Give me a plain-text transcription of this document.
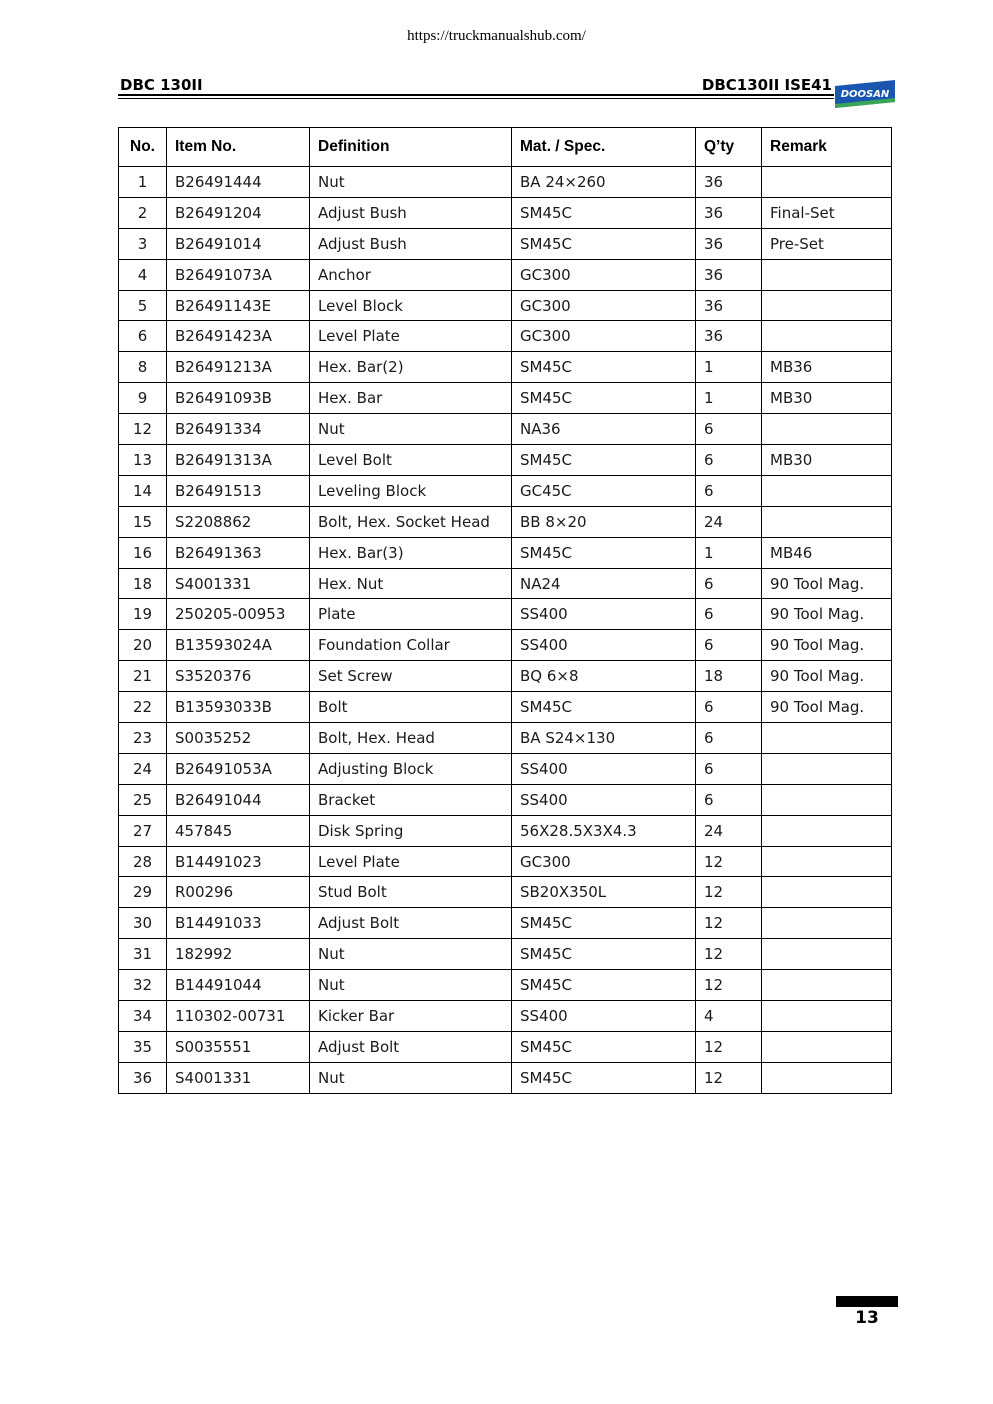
https://truckmanualshub.com/
DBC 130II	DBC130II ISE41
DOOSAN
No.	Item No.	Definition	Mat. / Spec.	Q’ty	Remark
1	B26491444	Nut	BA 24×260	36	
2	B26491204	Adjust Bush	SM45C	36	Final-Set
3	B26491014	Adjust Bush	SM45C	36	Pre-Set
4	B26491073A	Anchor	GC300	36	
5	B26491143E	Level Block	GC300	36	
6	B26491423A	Level Plate	GC300	36	
8	B26491213A	Hex. Bar(2)	SM45C	1	MB36
9	B26491093B	Hex. Bar	SM45C	1	MB30
12	B26491334	Nut	NA36	6	
13	B26491313A	Level Bolt	SM45C	6	MB30
14	B26491513	Leveling Block	GC45C	6	
15	S2208862	Bolt, Hex. Socket Head	BB 8×20	24	
16	B26491363	Hex. Bar(3)	SM45C	1	MB46
18	S4001331	Hex. Nut	NA24	6	90 Tool Mag.
19	250205-00953	Plate	SS400	6	90 Tool Mag.
20	B13593024A	Foundation Collar	SS400	6	90 Tool Mag.
21	S3520376	Set Screw	BQ 6×8	18	90 Tool Mag.
22	B13593033B	Bolt	SM45C	6	90 Tool Mag.
23	S0035252	Bolt, Hex. Head	BA S24×130	6	
24	B26491053A	Adjusting Block	SS400	6	
25	B26491044	Bracket	SS400	6	
27	457845	Disk Spring	56X28.5X3X4.3	24	
28	B14491023	Level Plate	GC300	12	
29	R00296	Stud Bolt	SB20X350L	12	
30	B14491033	Adjust Bolt	SM45C	12	
31	182992	Nut	SM45C	12	
32	B14491044	Nut	SM45C	12	
34	110302-00731	Kicker Bar	SS400	4	
35	S0035551	Adjust Bolt	SM45C	12	
36	S4001331	Nut	SM45C	12	
13
